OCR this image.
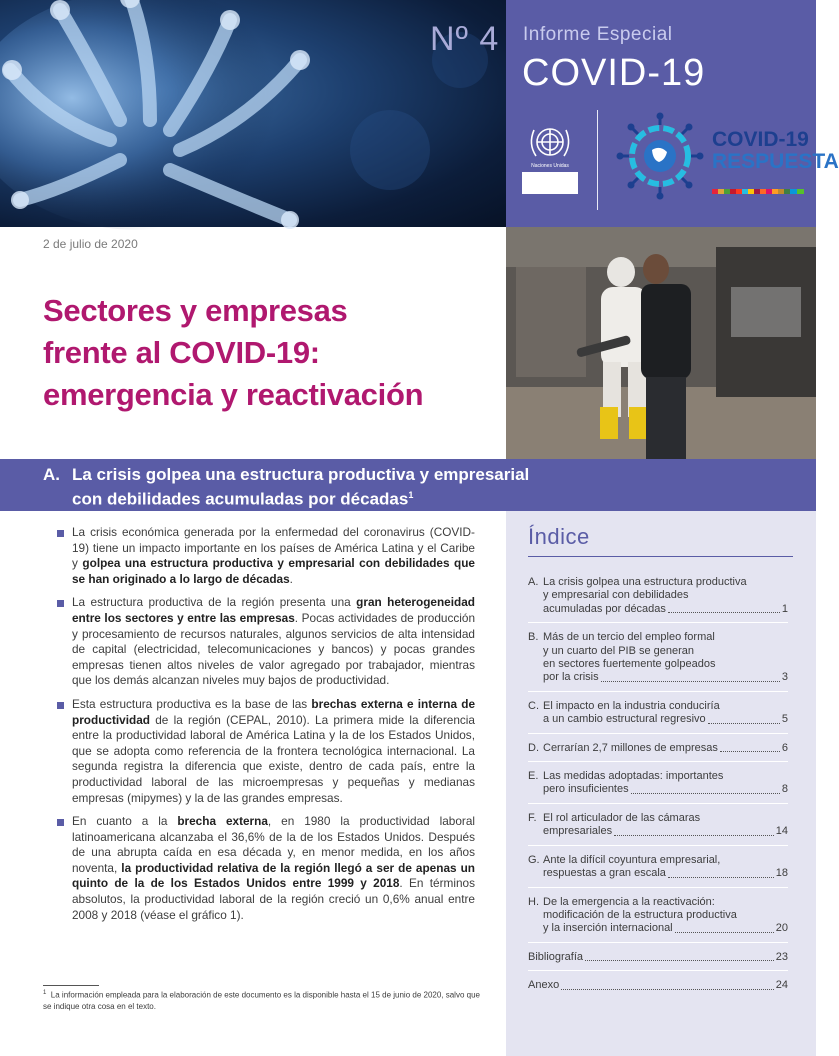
Nº 4 Informe Especial
COVID-19
Naciones Unidas
COVID-19
RESPUESTA
2 de julio de 2020
Sectores y empresas
frente al COVID-19:
emergencia y reactivación
A. La crisis golpea una estructura productiva y empresarial
con debilidades acumuladas por décadas$^1$
La crisis económica generada por la enfermedad del coronavirus (COVID-19) tiene un impacto importante en los países de América Latina y el Caribe y golpea una estructura productiva y empresarial con debilidades que se han originado a lo largo de décadas.
La estructura productiva de la región presenta una gran heterogeneidad entre los sectores y entre las empresas. Pocas actividades de producción y procesamiento de recursos naturales, algunos servicios de alta intensidad de capital (electricidad, telecomunicaciones y bancos) y pocas grandes empresas tienen altos niveles de valor agregado por trabajador, mientras que los demás alcanzan niveles muy bajos de productividad.
Esta estructura productiva es la base de las brechas externa e interna de productividad de la región (CEPAL, 2010). La primera mide la diferencia entre la productividad laboral de América Latina y la de los Estados Unidos, que se adopta como referencia de la frontera tecnológica internacional. La segunda registra la diferencia que existe, dentro de cada país, entre la productividad laboral de las microempresas y pequeñas y medianas empresas (mipymes) y la de las grandes empresas.
En cuanto a la brecha externa, en 1980 la productividad laboral latinoamericana alcanzaba el 36,6% de la de los Estados Unidos. Después de una abrupta caída en esa década y, en menor medida, en los años noventa, la productividad relativa de la región llegó a ser de apenas un quinto de la de los Estados Unidos entre 1999 y 2018. En términos absolutos, la productividad laboral de la región creció un 0,6% anual entre 2008 y 2018 (véase el gráfico 1).
$^1$ La información empleada para la elaboración de este documento es la disponible hasta el 15 de junio de 2020, salvo que se indique otra cosa en el texto.
Índice
A. La crisis golpea una estructura productiva
y empresarial con debilidades
acumuladas por décadas	1
B. Más de un tercio del empleo formal
y un cuarto del PIB se generan
en sectores fuertemente golpeados
por la crisis	3
C. El impacto en la industria conduciría
a un cambio estructural regresivo	5
D. Cerrarían 2,7 millones de empresas	6
E. Las medidas adoptadas: importantes
pero insuficientes	8
F. El rol articulador de las cámaras
empresariales	14
G. Ante la difícil coyuntura empresarial,
respuestas a gran escala	18
H. De la emergencia a la reactivación:
modificación de la estructura productiva
y la inserción internacional	20
Bibliografía	23
Anexo	24
